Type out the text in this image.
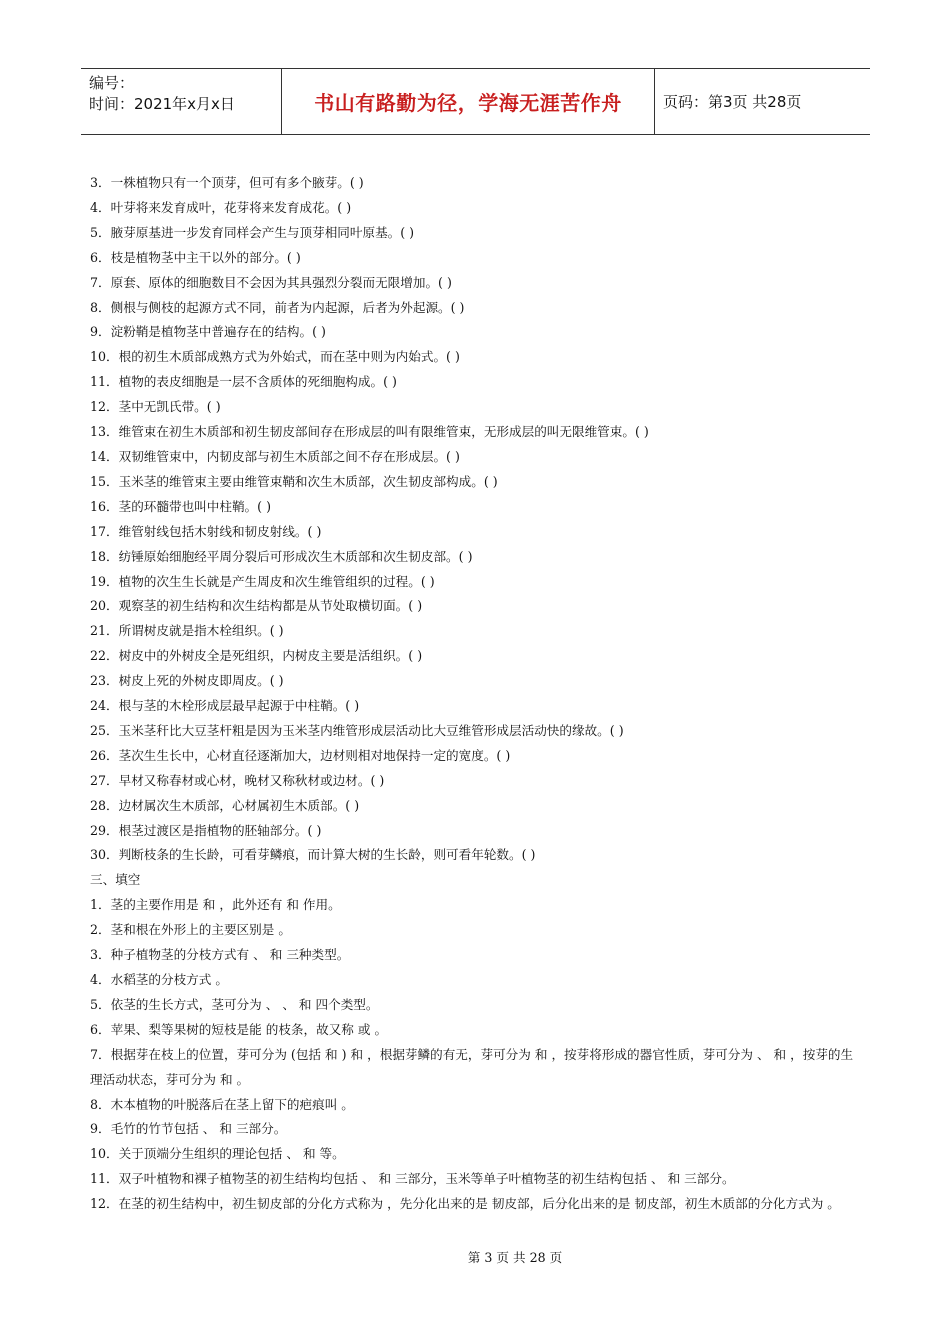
编号：
时间：2021年x月x日	书山有路勤为径，学海无涯苦作舟	页码：第3页 共28页
3．一株植物只有一个顶芽，但可有多个腋芽。( )
4．叶芽将来发育成叶，花芽将来发育成花。( )
5．腋芽原基进一步发育同样会产生与顶芽相同叶原基。( )
6．枝是植物茎中主干以外的部分。( )
7．原套、原体的细胞数目不会因为其具强烈分裂而无限增加。( )
8．侧根与侧枝的起源方式不同，前者为内起源，后者为外起源。( )
9．淀粉鞘是植物茎中普遍存在的结构。( )
10．根的初生木质部成熟方式为外始式，而在茎中则为内始式。( )
11．植物的表皮细胞是一层不含质体的死细胞构成。( )
12．茎中无凯氏带。( )
13．维管束在初生木质部和初生韧皮部间存在形成层的叫有限维管束，无形成层的叫无限维管束。( )
14．双韧维管束中，内韧皮部与初生木质部之间不存在形成层。( )
15．玉米茎的维管束主要由维管束鞘和次生木质部，次生韧皮部构成。( )
16．茎的环髓带也叫中柱鞘。( )
17．维管射线包括木射线和韧皮射线。( )
18．纺锤原始细胞经平周分裂后可形成次生木质部和次生韧皮部。( )
19．植物的次生生长就是产生周皮和次生维管组织的过程。( )
20．观察茎的初生结构和次生结构都是从节处取横切面。( )
21．所谓树皮就是指木栓组织。( )
22．树皮中的外树皮全是死组织，内树皮主要是活组织。( )
23．树皮上死的外树皮即周皮。( )
24．根与茎的木栓形成层最早起源于中柱鞘。( )
25．玉米茎秆比大豆茎杆粗是因为玉米茎内维管形成层活动比大豆维管形成层活动快的缘故。( )
26．茎次生生长中，心材直径逐渐加大，边材则相对地保持一定的宽度。( )
27．早材又称春材或心材，晚材又称秋材或边材。( )
28．边材属次生木质部，心材属初生木质部。( )
29．根茎过渡区是指植物的胚轴部分。( )
30．判断枝条的生长龄，可看芽鳞痕，而计算大树的生长龄，则可看年轮数。( )
三、填空
1．茎的主要作用是 和 ，此外还有 和 作用。
2．茎和根在外形上的主要区别是 。
3．种子植物茎的分枝方式有 、 和 三种类型。
4．水稻茎的分枝方式 。
5．依茎的生长方式，茎可分为 、 、 和 四个类型。
6．苹果、梨等果树的短枝是能 的枝条，故又称 或 。
7．根据芽在枝上的位置，芽可分为 (包括 和 ) 和 ，根据芽鳞的有无，芽可分为 和 ，按芽将形成的器官性质，芽可分为 、 和 ，按芽的生理活动状态，芽可分为 和 。
8．木本植物的叶脱落后在茎上留下的疤痕叫 。
9．毛竹的竹节包括 、 和 三部分。
10．关于顶端分生组织的理论包括 、 和 等。
11．双子叶植物和裸子植物茎的初生结构均包括 、 和 三部分，玉米等单子叶植物茎的初生结构包括 、 和 三部分。
12．在茎的初生结构中，初生韧皮部的分化方式称为 ，先分化出来的是 韧皮部，后分化出来的是 韧皮部，初生木质部的分化方式为 。
第 3 页 共 28 页
